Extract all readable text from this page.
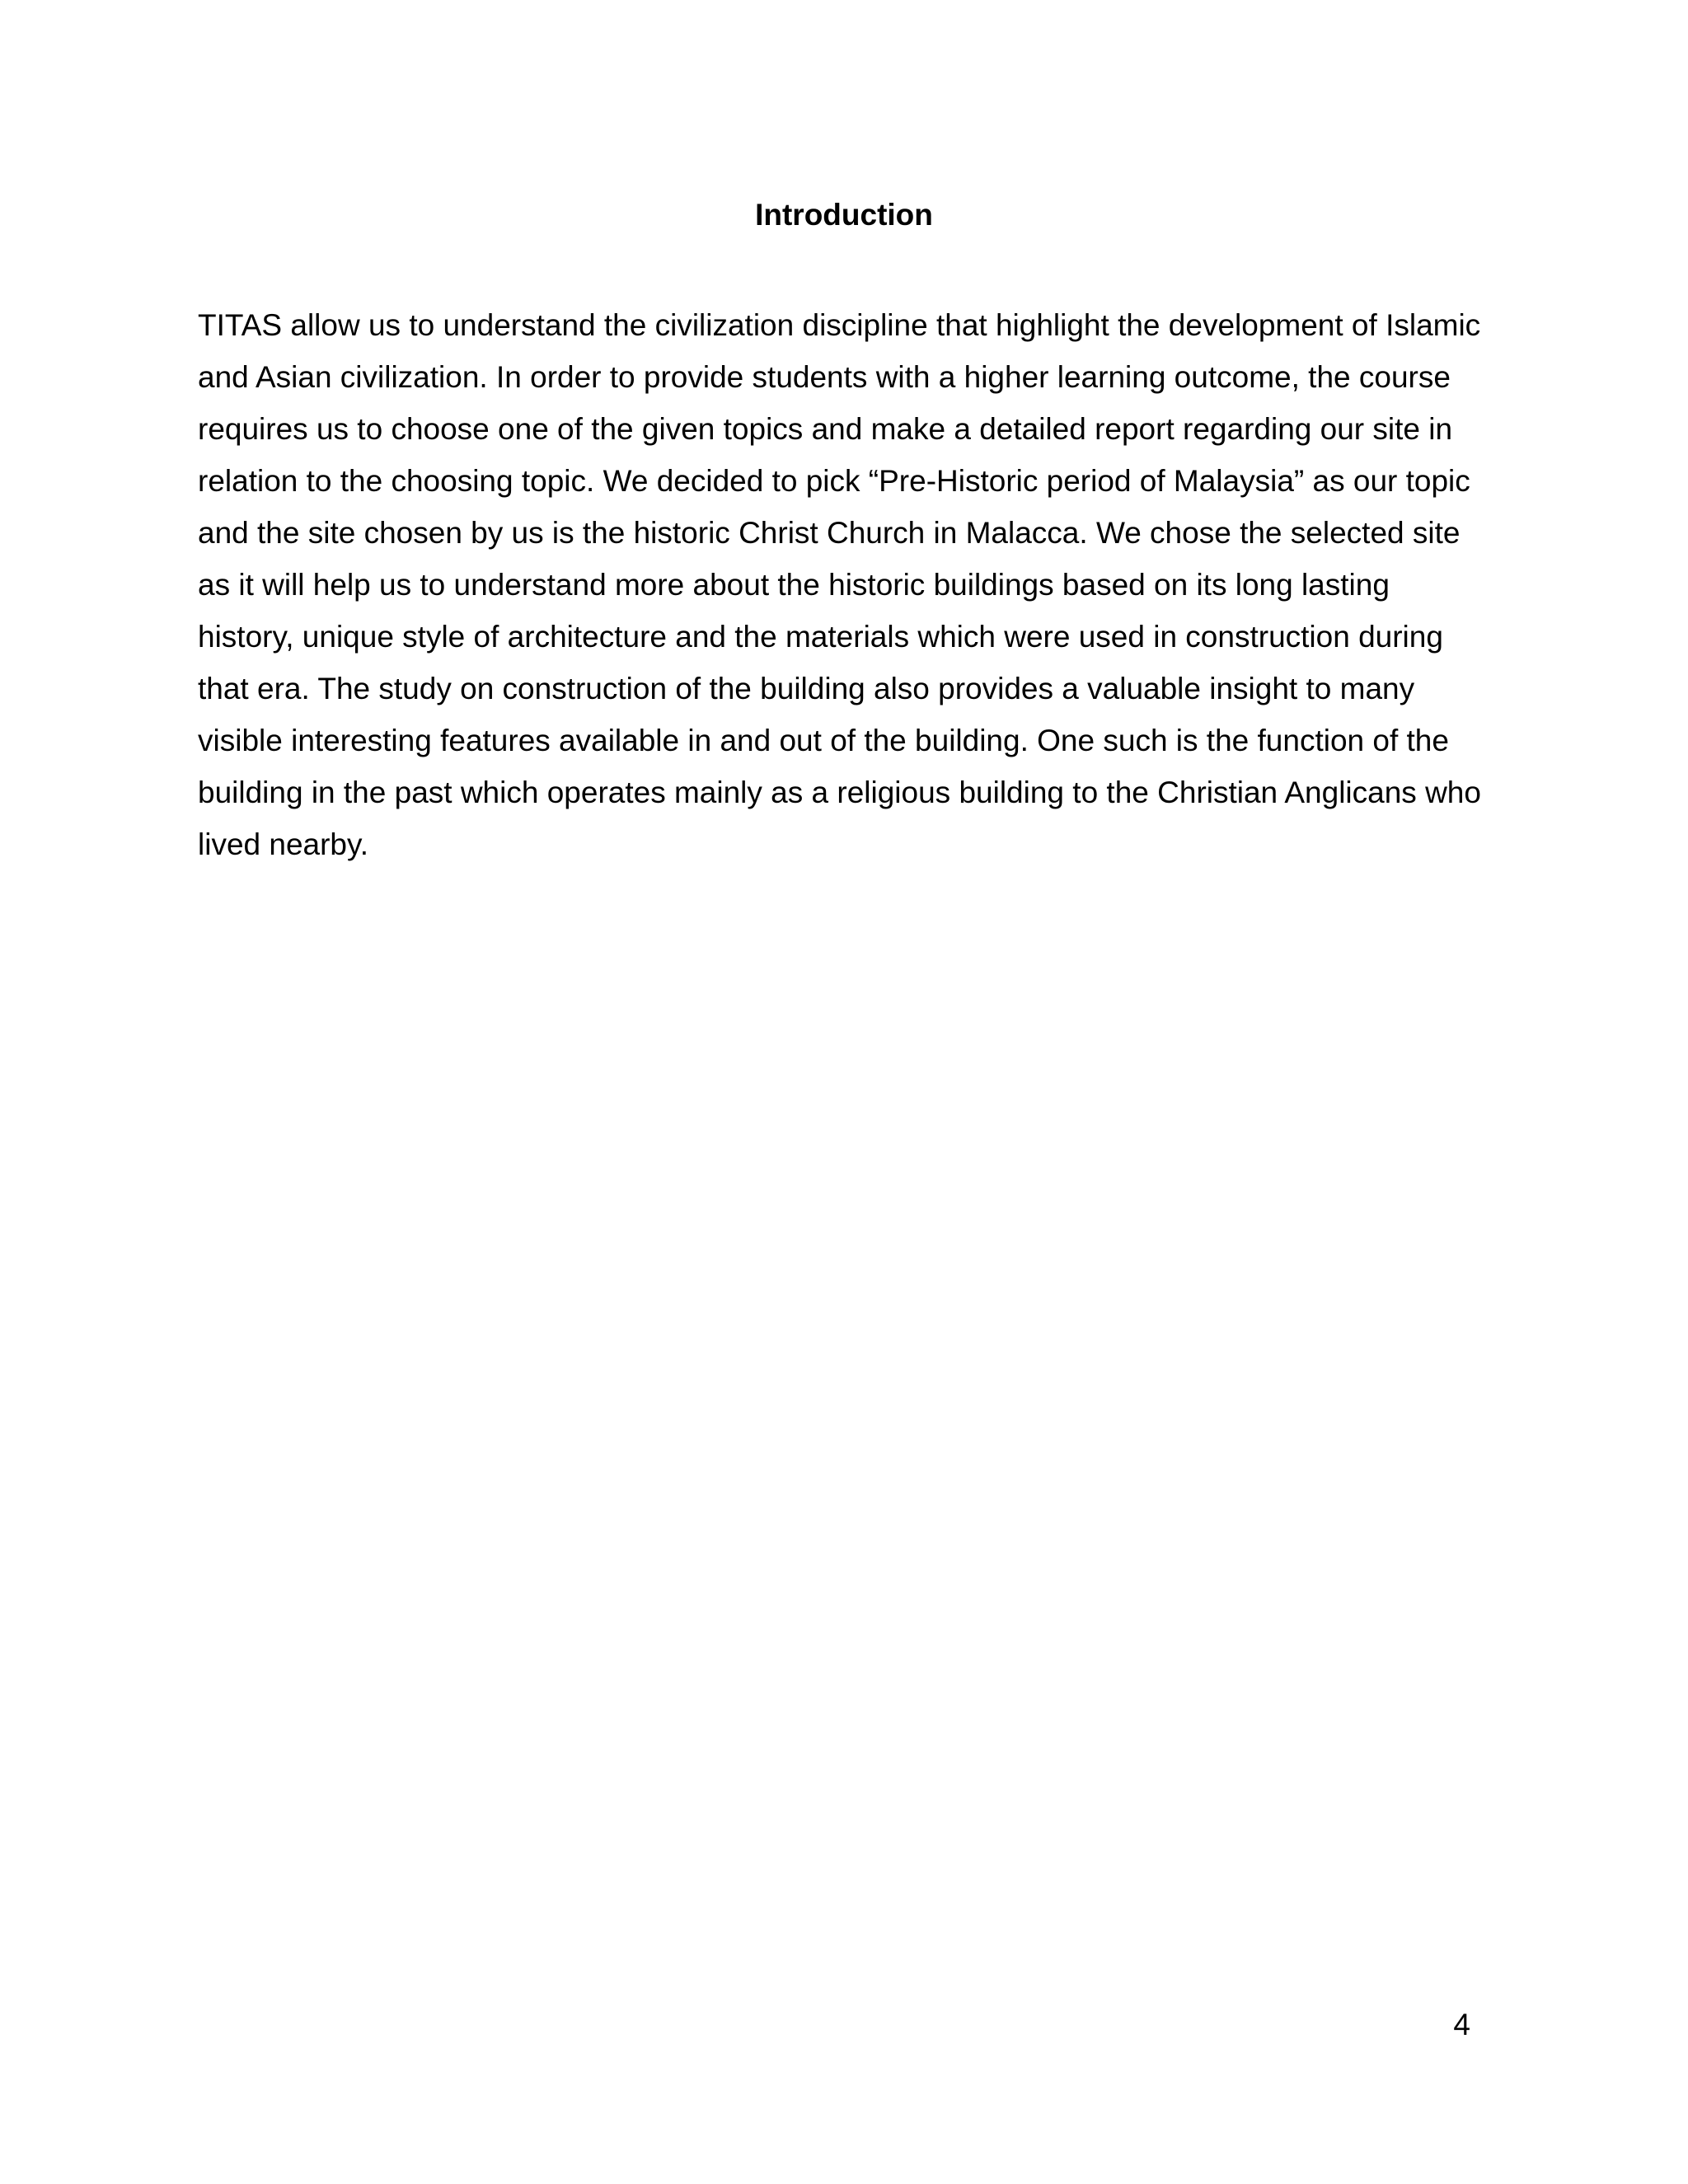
Introduction
TITAS allow us to understand the civilization discipline that highlight the development of Islamic
and Asian civilization. In order to provide students with a higher learning outcome, the course
requires us to choose one of the given topics and make a detailed report regarding our site in
relation to the choosing topic. We decided to pick “Pre-Historic period of Malaysia” as our topic
and the site chosen by us is the historic Christ Church in Malacca. We chose the selected site
as it will help us to understand more about the historic buildings based on its long lasting
history, unique style of architecture and the materials which were used in construction during
that era. The study on construction of the building also provides a valuable insight to many
visible interesting features available in and out of the building. One such is the function of the
building in the past which operates mainly as a religious building to the Christian Anglicans who
lived nearby.
4
